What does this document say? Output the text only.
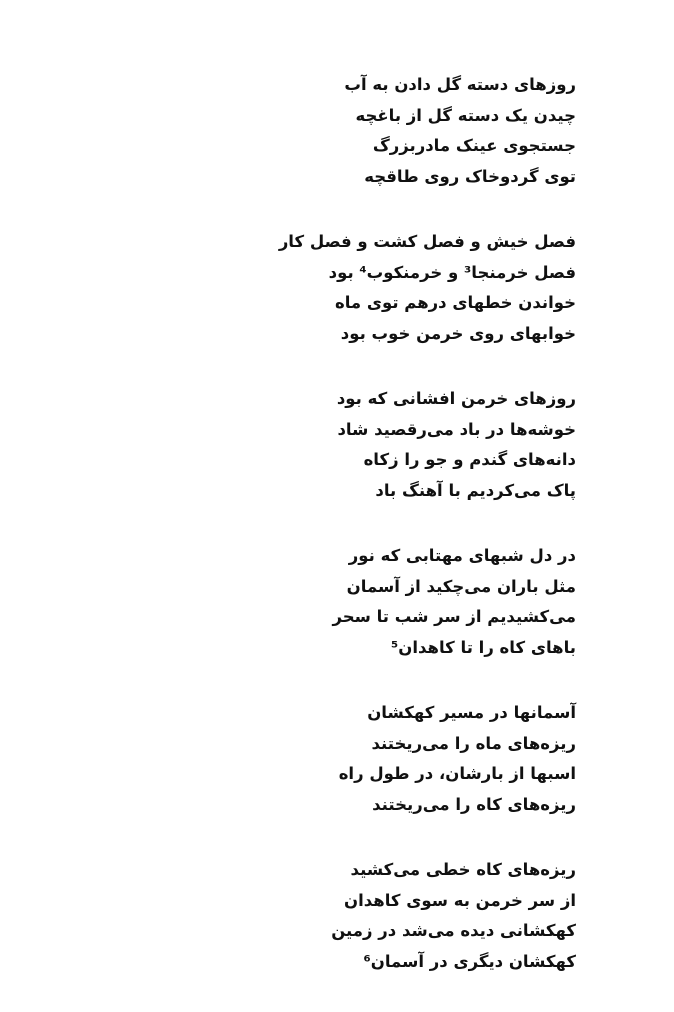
روزهای دسته گل دادن به آب
چیدن یک دسته گل از باغچه
جستجوی عینک مادربزرگ
توی گردوخاک روی طاقچه
فصل خیش و فصل کشت و فصل کار
فصل خرمنجا³ و خرمنکوب⁴ بود
خواندن خطهای درهم توی ماه
خوابهای روی خرمن خوب بود
روزهای خرمن افشانی که بود
خوشه‌ها در باد می‌رقصید شاد
دانه‌های گندم و جو را زکاه
پاک می‌کردیم با آهنگ باد
در دل شبهای مهتابی که نور
مثل باران می‌چکید از آسمان
می‌کشیدیم از سر شب تا سحر
باهای کاه را تا کاهدان⁵
آسمانها در مسیر کهکشان
ریزه‌های ماه را می‌ریختند
اسبها از بارشان، در طول راه
ریزه‌های کاه را می‌ریختند
ریزه‌های کاه خطی می‌کشید
از سر خرمن به سوی کاهدان
کهکشانی دیده می‌شد در زمین
کهکشان دیگری در آسمان⁶
